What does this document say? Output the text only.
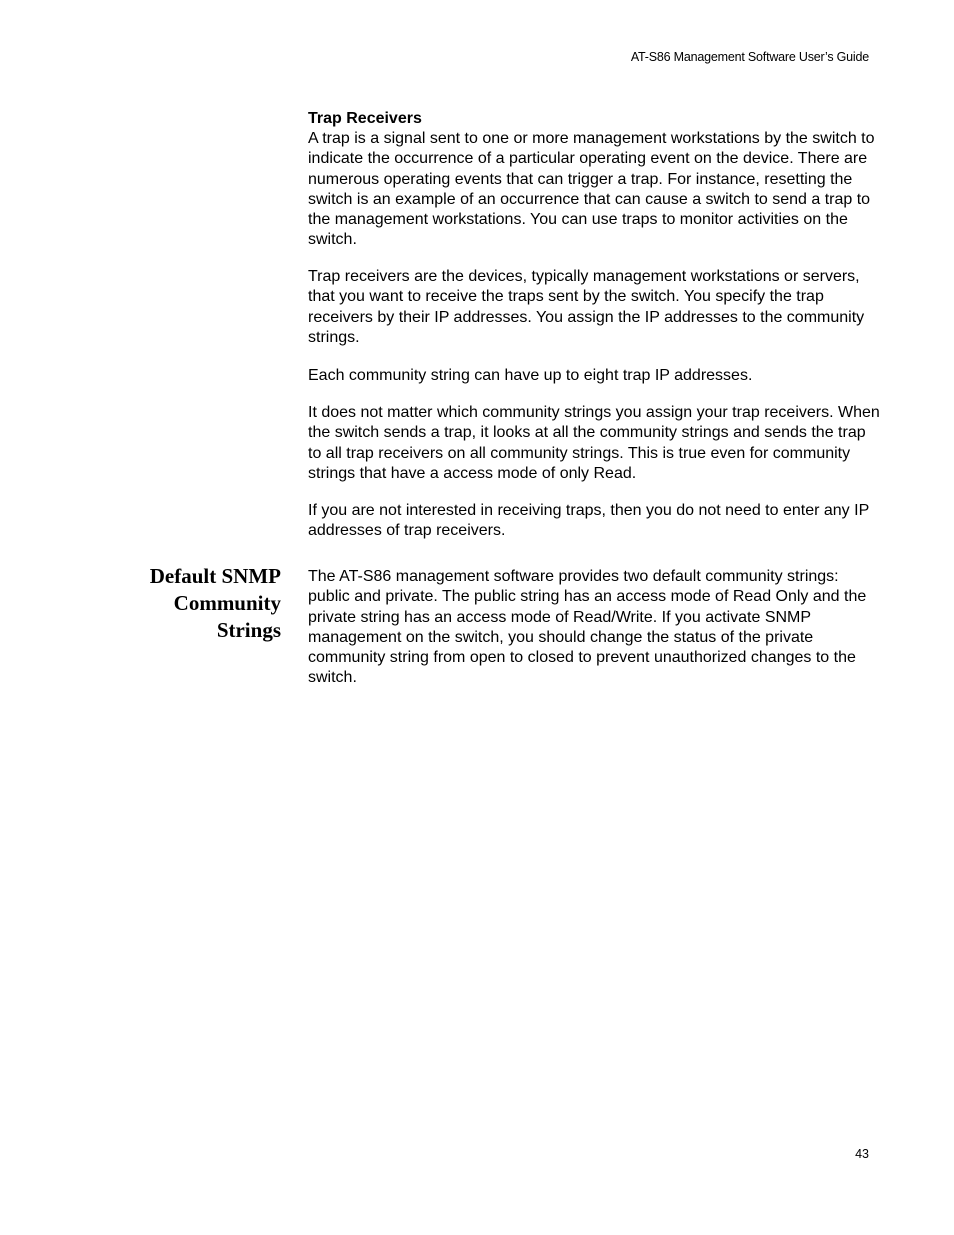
AT-S86 Management Software User’s Guide
Trap Receivers

A trap is a signal sent to one or more management workstations by the switch to indicate the occurrence of a particular operating event on the device. There are numerous operating events that can trigger a trap. For instance, resetting the switch is an example of an occurrence that can cause a switch to send a trap to the management workstations. You can use traps to monitor activities on the switch.

Trap receivers are the devices, typically management workstations or servers, that you want to receive the traps sent by the switch. You specify the trap receivers by their IP addresses. You assign the IP addresses to the community strings.

Each community string can have up to eight trap IP addresses.

It does not matter which community strings you assign your trap receivers. When the switch sends a trap, it looks at all the community strings and sends the trap to all trap receivers on all community strings. This is true even for community strings that have a access mode of only Read.

If you are not interested in receiving traps, then you do not need to enter any IP addresses of trap receivers.

Default SNMP
Community
Strings

The AT-S86 management software provides two default community strings: public and private. The public string has an access mode of Read Only and the private string has an access mode of Read/Write. If you activate SNMP management on the switch, you should change the status of the private community string from open to closed to prevent unauthorized changes to the switch.

43
